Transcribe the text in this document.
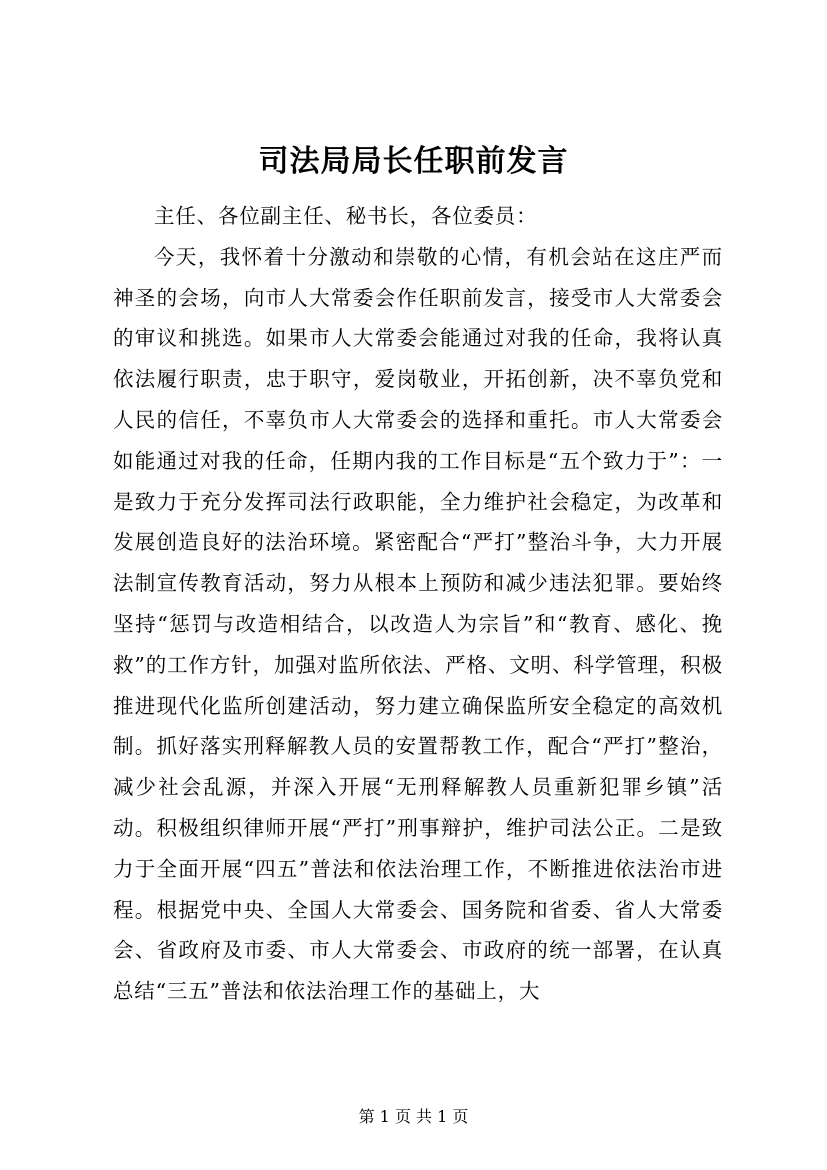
司法局局长任职前发言

主任、各位副主任、秘书长，各位委员：

今天，我怀着十分激动和崇敬的心情，有机会站在这庄严而神圣的会场，向市人大常委会作任职前发言，接受市人大常委会的审议和挑选。如果市人大常委会能通过对我的任命，我将认真依法履行职责，忠于职守，爱岗敬业，开拓创新，决不辜负党和人民的信任，不辜负市人大常委会的选择和重托。市人大常委会如能通过对我的任命，任期内我的工作目标是“五个致力于”：一是致力于充分发挥司法行政职能，全力维护社会稳定，为改革和发展创造良好的法治环境。紧密配合“严打”整治斗争，大力开展法制宣传教育活动，努力从根本上预防和减少违法犯罪。要始终坚持“惩罚与改造相结合，以改造人为宗旨”和“教育、感化、挽救”的工作方针，加强对监所依法、严格、文明、科学管理，积极推进现代化监所创建活动，努力建立确保监所安全稳定的高效机制。抓好落实刑释解教人员的安置帮教工作，配合“严打”整治，减少社会乱源，并深入开展“无刑释解教人员重新犯罪乡镇”活动。积极组织律师开展“严打”刑事辩护，维护司法公正。二是致力于全面开展“四五”普法和依法治理工作，不断推进依法治市进程。根据党中央、全国人大常委会、国务院和省委、省人大常委会、省政府及市委、市人大常委会、市政府的统一部署，在认真总结“三五”普法和依法治理工作的基础上，大

第 1 页 共 1 页
